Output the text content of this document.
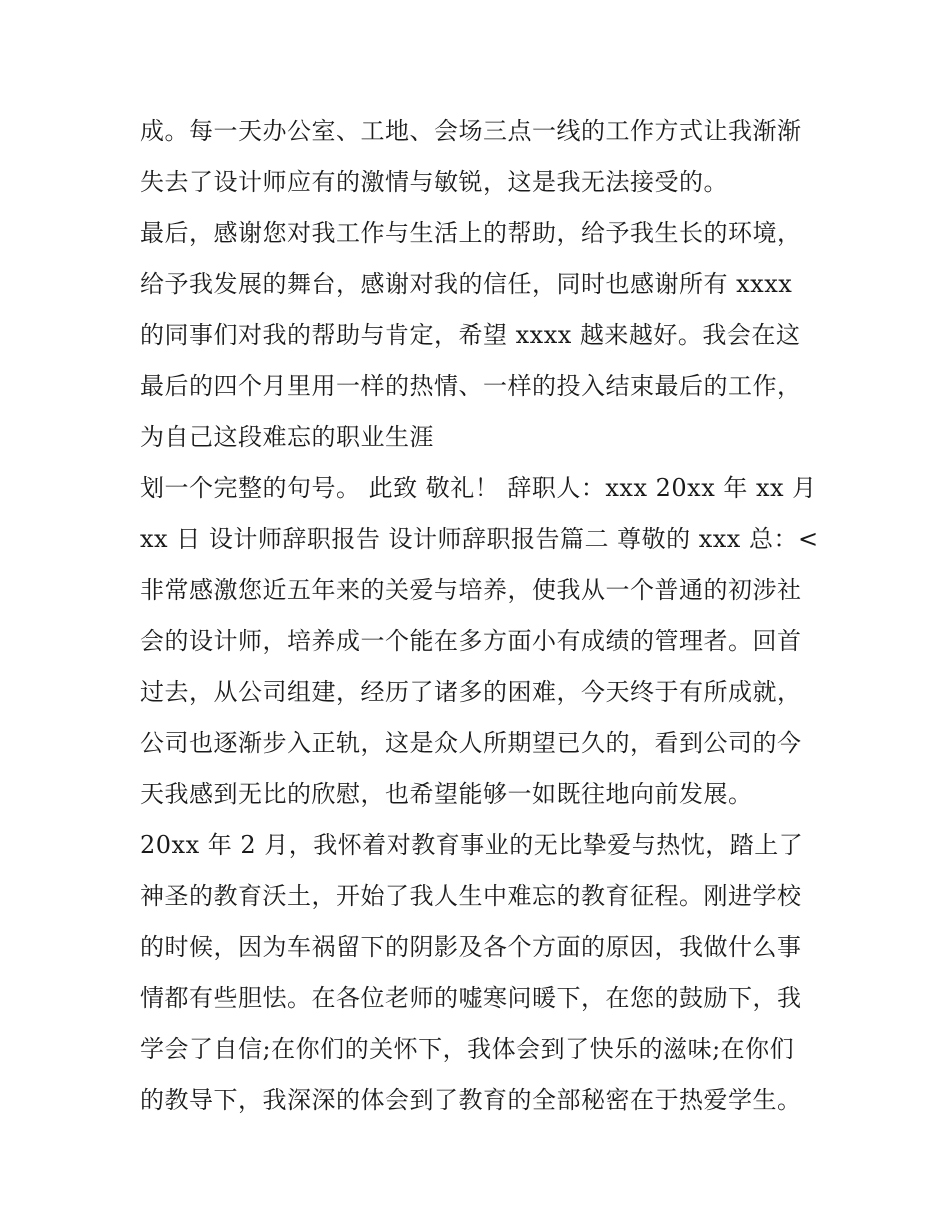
成。每一天办公室、工地、会场三点一线的工作方式让我渐渐
失去了设计师应有的激情与敏锐，这是我无法接受的。
最后，感谢您对我工作与生活上的帮助，给予我生长的环境，
给予我发展的舞台，感谢对我的信任，同时也感谢所有 xxxx
的同事们对我的帮助与肯定，希望 xxxx 越来越好。我会在这
最后的四个月里用一样的热情、一样的投入结束最后的工作，
为自己这段难忘的职业生涯
划一个完整的句号。 此致 敬礼！ 辞职人：xxx 20xx 年 xx 月
xx 日 设计师辞职报告 设计师辞职报告篇二 尊敬的 xxx 总：<
非常感激您近五年来的关爱与培养，使我从一个普通的初涉社
会的设计师，培养成一个能在多方面小有成绩的管理者。回首
过去，从公司组建，经历了诸多的困难，今天终于有所成就，
公司也逐渐步入正轨，这是众人所期望已久的，看到公司的今
天我感到无比的欣慰，也希望能够一如既往地向前发展。
20xx 年 2 月，我怀着对教育事业的无比挚爱与热忱，踏上了
神圣的教育沃土，开始了我人生中难忘的教育征程。刚进学校
的时候，因为车祸留下的阴影及各个方面的原因，我做什么事
情都有些胆怯。在各位老师的嘘寒问暖下，在您的鼓励下，我
学会了自信;在你们的关怀下，我体会到了快乐的滋味;在你们
的教导下，我深深的体会到了教育的全部秘密在于热爱学生。
